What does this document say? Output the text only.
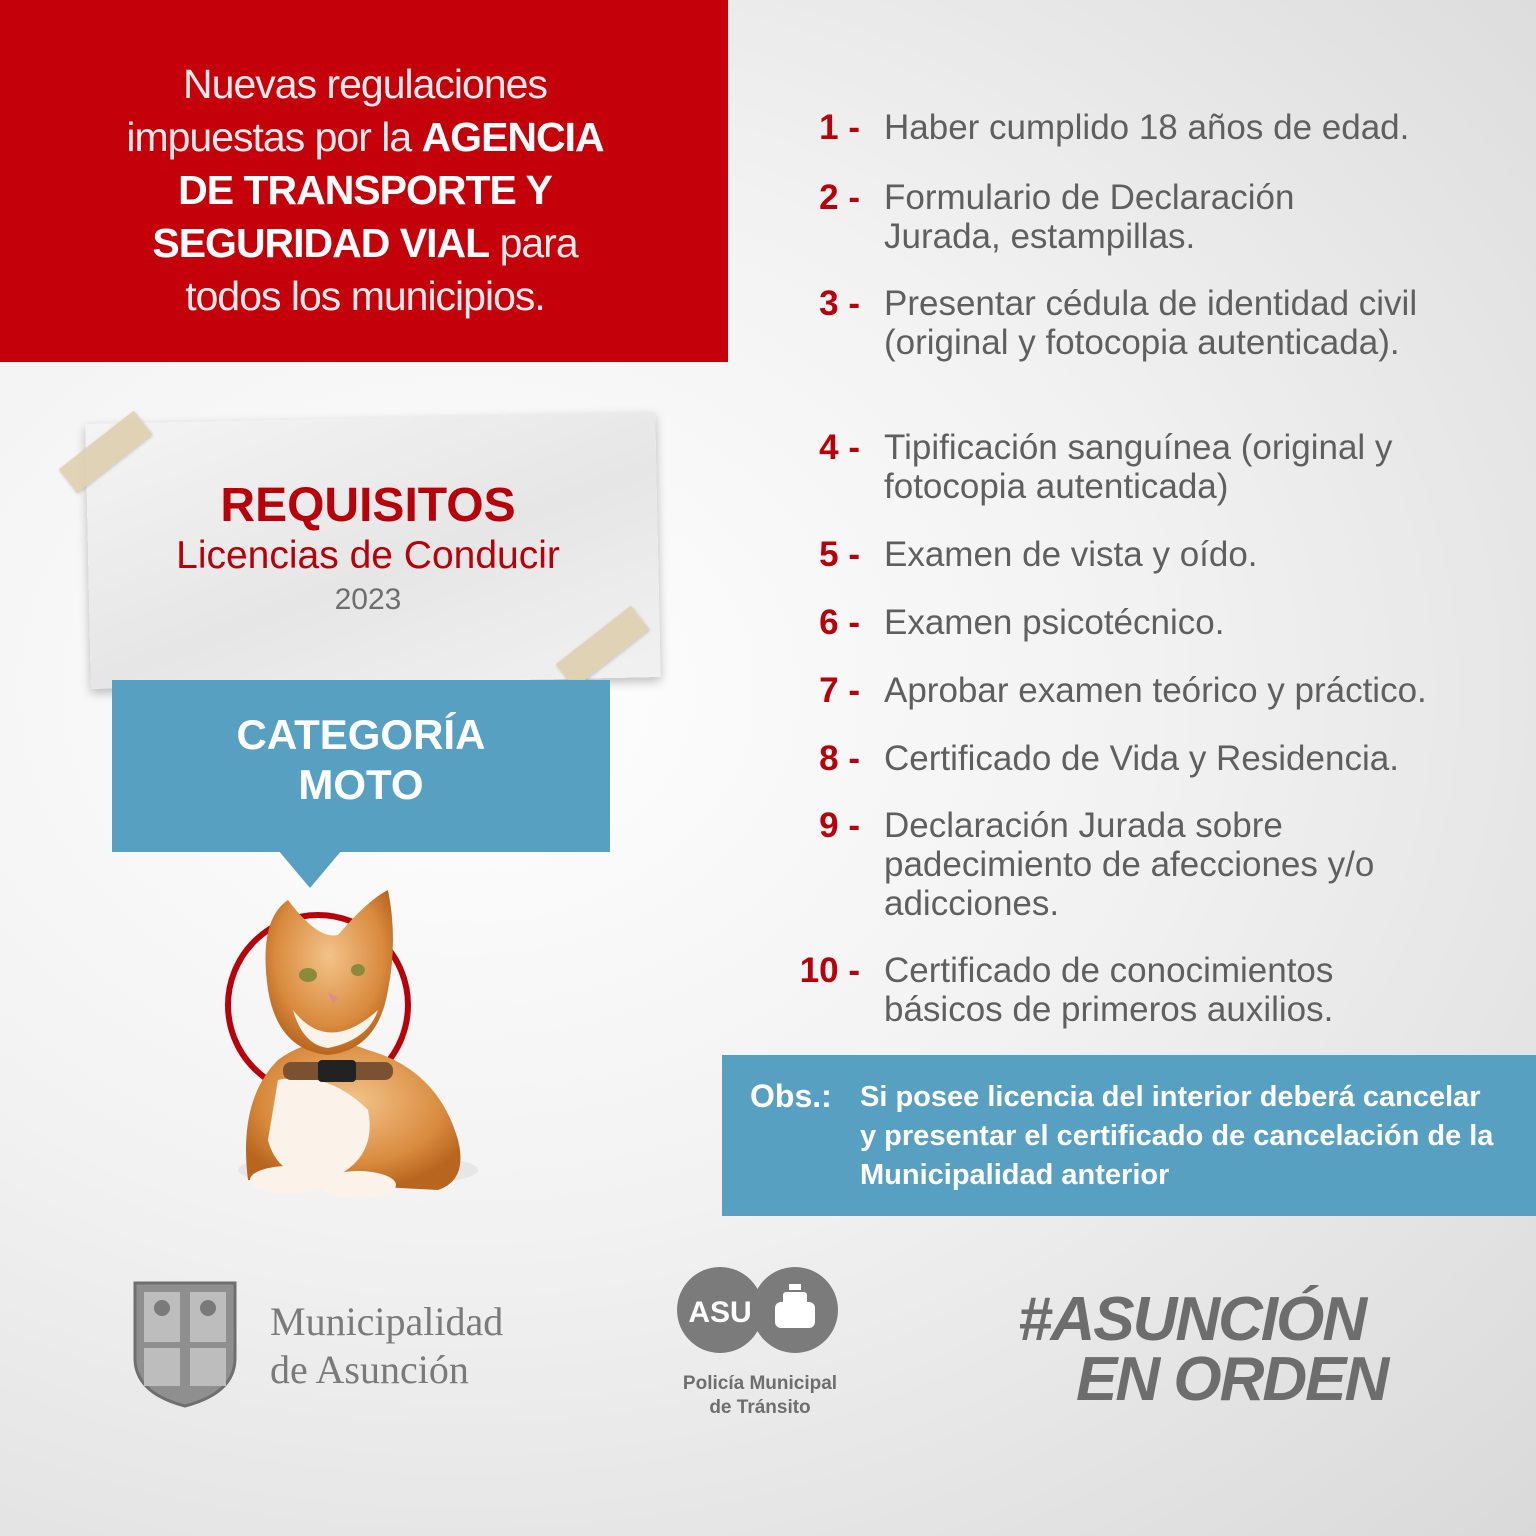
Nuevas regulaciones
impuestas por la AGENCIA
DE TRANSPORTE Y
SEGURIDAD VIAL para
todos los municipios.
REQUISITOS
Licencias de Conducir
2023
CATEGORÍA
MOTO
1 - Haber cumplido 18 años de edad.
2 - Formulario de Declaración Jurada, estampillas.
3 - Presentar cédula de identidad civil (original y fotocopia autenticada).
4 - Tipificación sanguínea (original y fotocopia autenticada)
5 - Examen de vista y oído.
6 - Examen psicotécnico.
7 - Aprobar examen teórico y práctico.
8 - Certificado de Vida y Residencia.
9 - Declaración Jurada sobre padecimiento de afecciones y/o adicciones.
10 - Certificado de conocimientos básicos de primeros auxilios.
Obs.: Si posee licencia del interior deberá cancelar y presentar el certificado de cancelación de la Municipalidad anterior
Municipalidad
de Asunción
ASU
Policía Municipal
de Tránsito
#ASUNCIÓN
EN ORDEN
